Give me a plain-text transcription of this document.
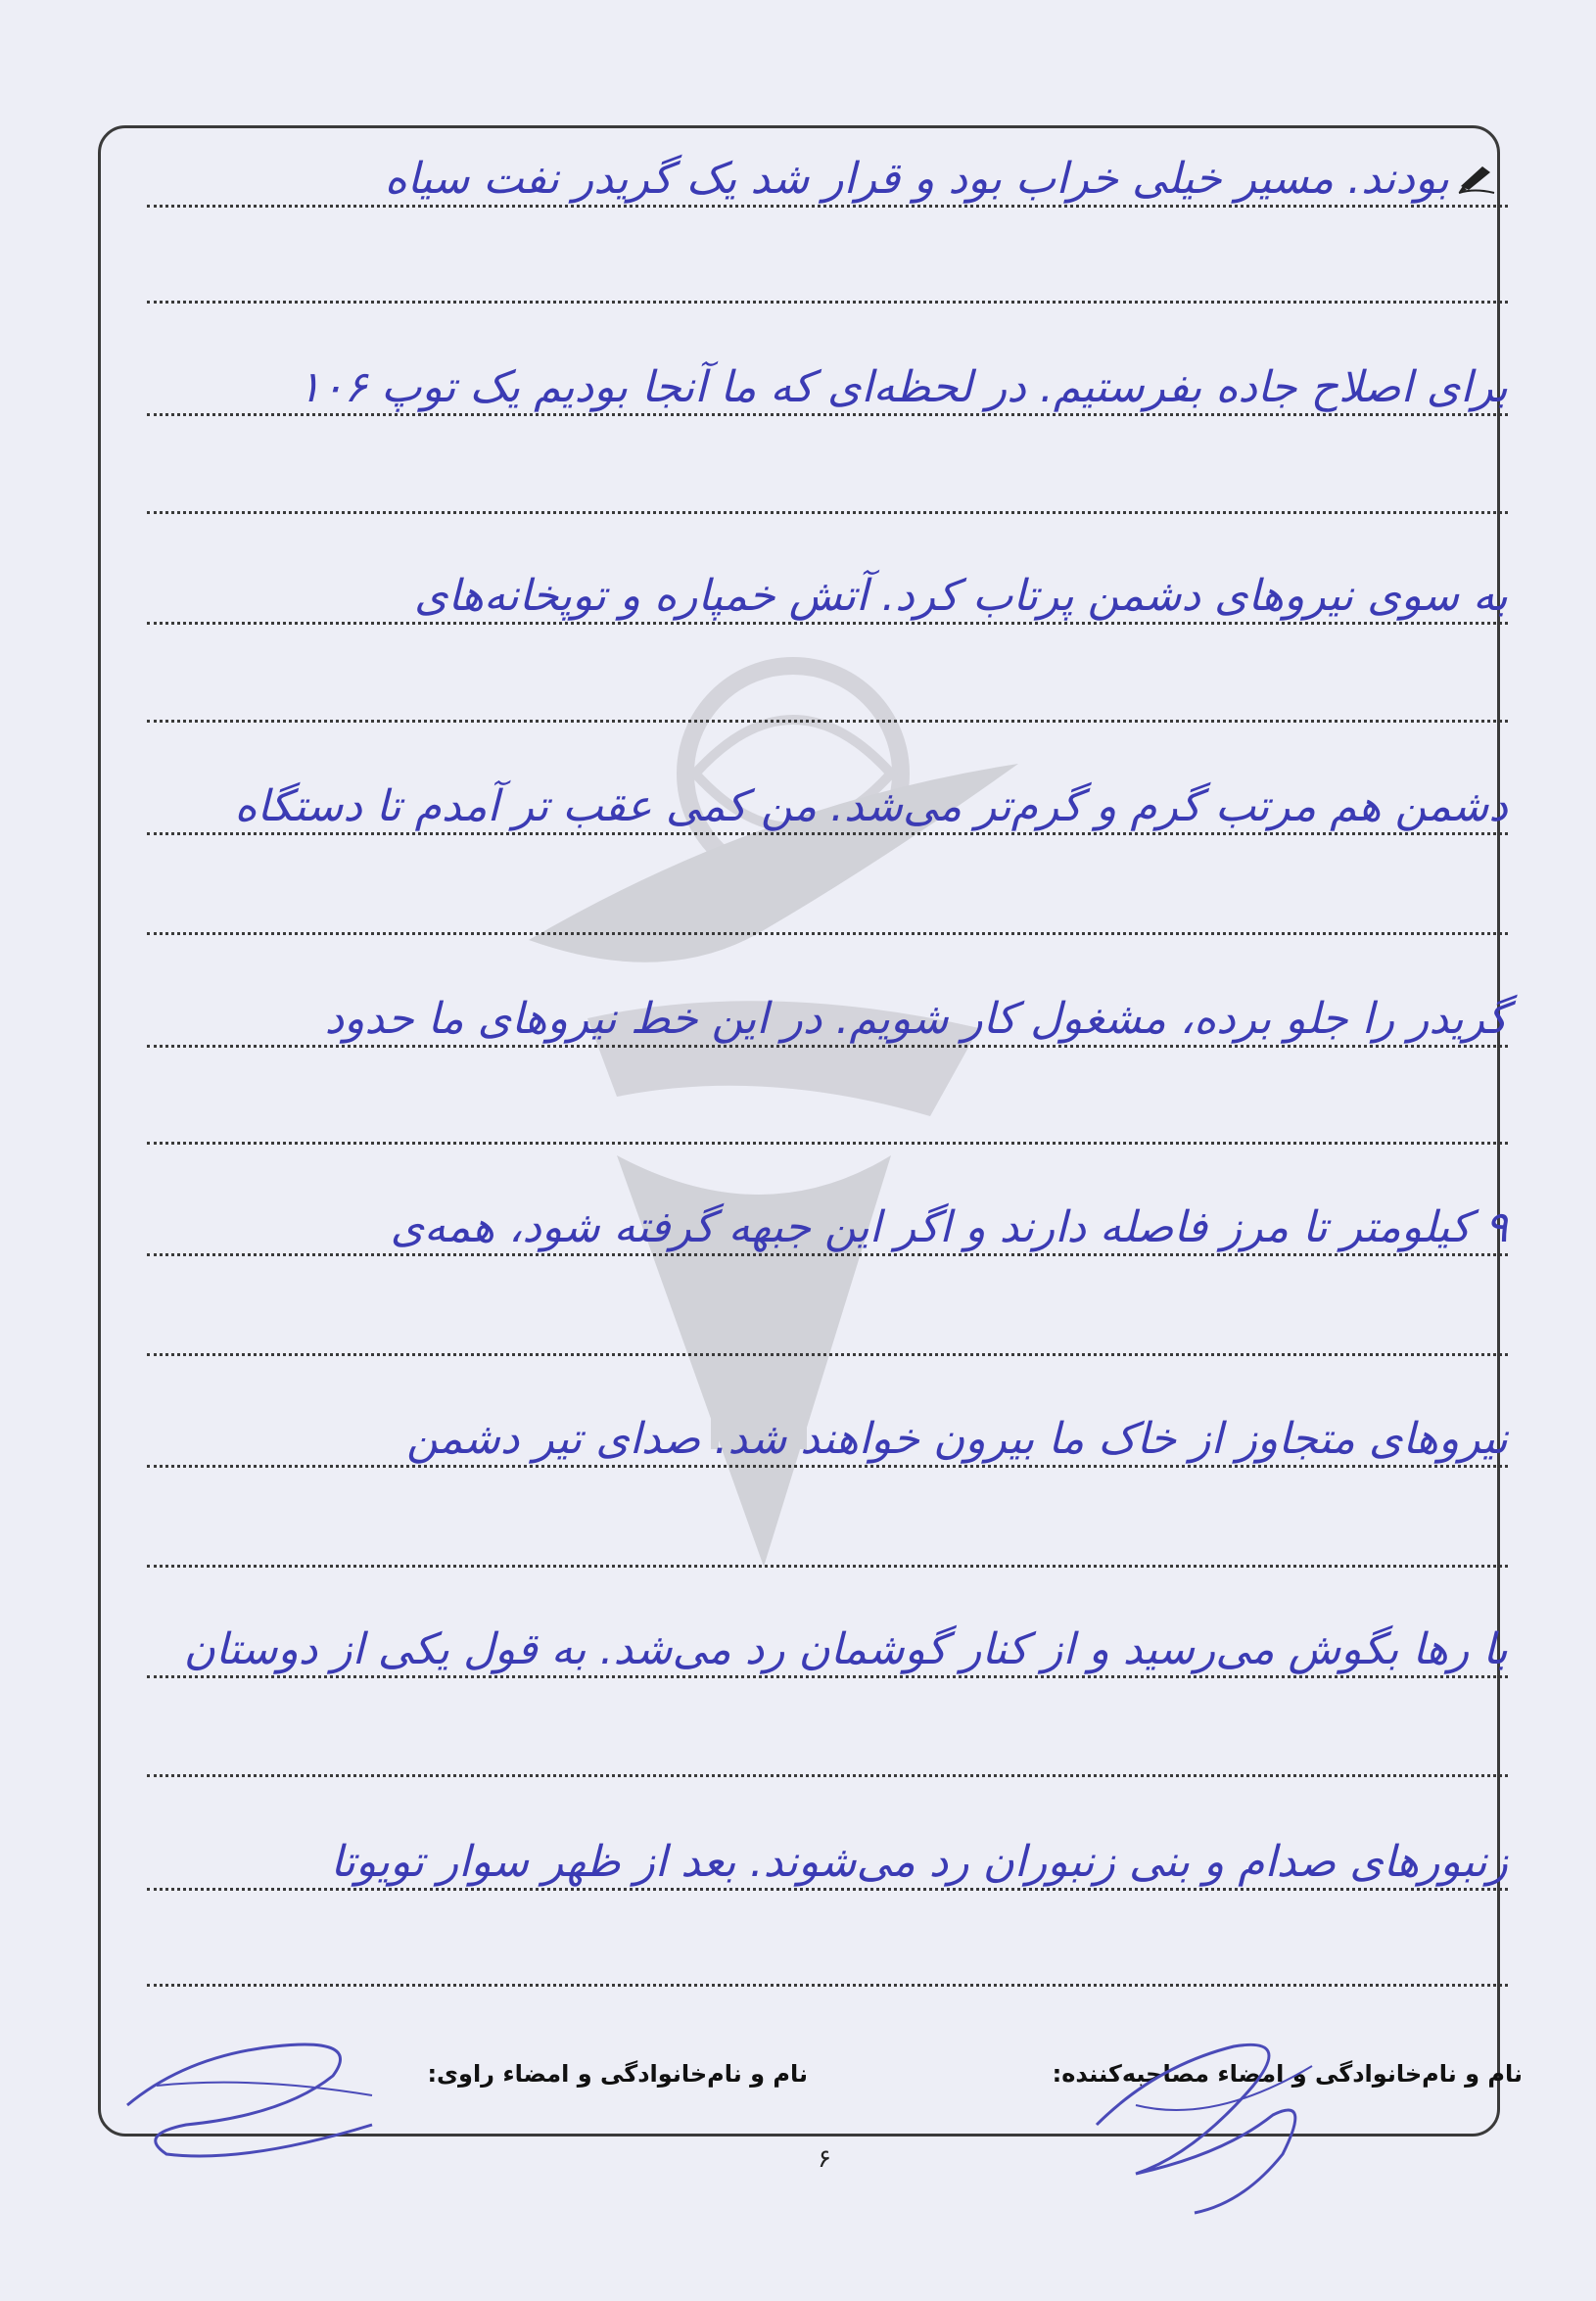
بودند. مسیر خیلی خراب بود و قرار شد یک گریدر نفت سیاه
برای اصلاح جاده بفرستیم. در لحظه‌ای که ما آنجا بودیم یک توپ ۱۰۶
به سوی نیروهای دشمن پرتاب کرد. آتش خمپاره و توپخانه‌های
دشمن هم مرتب گرم و گرم‌تر می‌شد. من کمی عقب تر آمدم تا دستگاه
گریدر را جلو برده، مشغول کار شویم. در این خط نیروهای ما حدود
۹ کیلومتر تا مرز فاصله دارند و اگر این جبهه گرفته شود، همه‌ی
نیروهای متجاوز از خاک ما بیرون خواهند شد. صدای تیر دشمن
با رها بگوش می‌رسید و از کنار گوشمان رد می‌شد. به قول یکی از دوستان
زنبورهای صدام و بنی زنبوران رد می‌شوند. بعد از ظهر سوار تویوتا
نام و نام‌خانوادگی و امضاء مصاحبه‌کننده:
نام و نام‌خانوادگی و امضاء راوی:
۶
